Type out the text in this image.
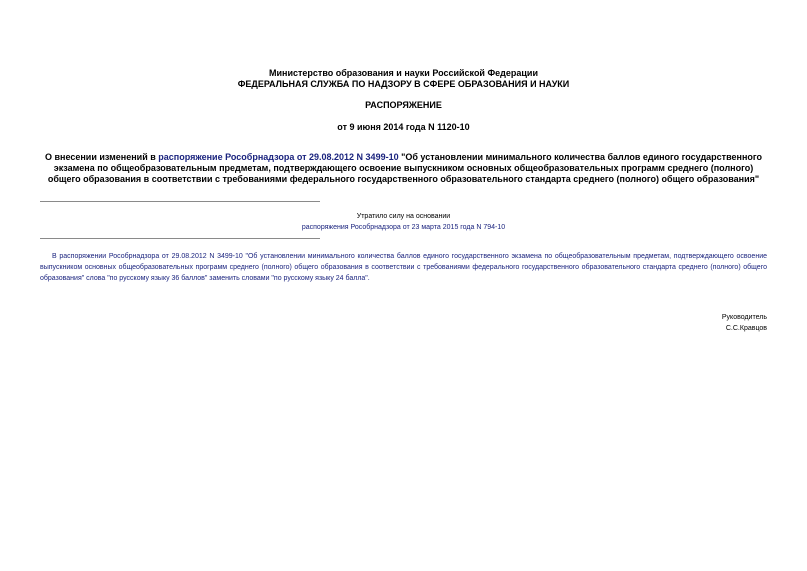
Министерство образования и науки Российской Федерации
ФЕДЕРАЛЬНАЯ СЛУЖБА ПО НАДЗОРУ В СФЕРЕ ОБРАЗОВАНИЯ И НАУКИ
РАСПОРЯЖЕНИЕ
от 9 июня 2014 года N 1120-10
О внесении изменений в распоряжение Рособрнадзора от 29.08.2012 N 3499-10 "Об установлении минимального количества баллов единого государственного экзамена по общеобразовательным предметам, подтверждающего освоение выпускником основных общеобразовательных программ среднего (полного) общего образования в соответствии с требованиями федерального государственного образовательного стандарта среднего (полного) общего образования"
Утратило силу на основании
распоряжения Рособрнадзора от 23 марта 2015 года N 794-10
В распоряжении Рособрнадзора от 29.08.2012 N 3499-10 "Об установлении минимального количества баллов единого государственного экзамена по общеобразовательным предметам, подтверждающего освоение выпускником основных общеобразовательных программ среднего (полного) общего образования в соответствии с требованиями федерального государственного образовательного стандарта среднего (полного) общего образования" слова "по русскому языку 36 баллов" заменить словами "по русскому языку 24 балла".
Руководитель
С.С.Кравцов
